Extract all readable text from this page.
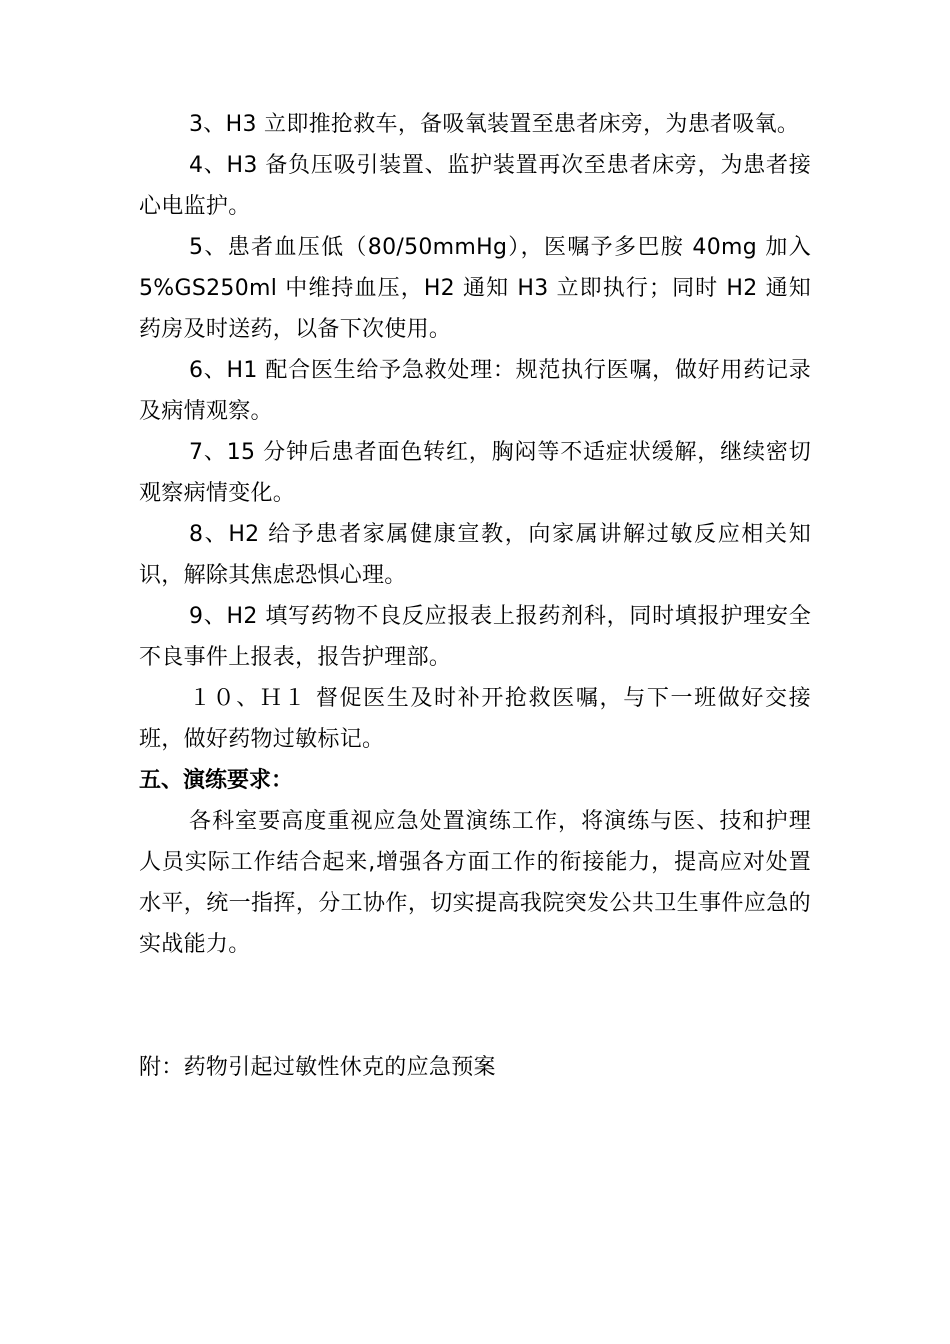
3、H3 立即推抢救车，备吸氧装置至患者床旁，为患者吸氧。

4、H3 备负压吸引装置、监护装置再次至患者床旁，为患者接心电监护。

5、患者血压低（80/50mmHg），医嘱予多巴胺 40mg 加入 5%GS250ml 中维持血压，H2 通知 H3 立即执行；同时 H2 通知药房及时送药，以备下次使用。

6、H1 配合医生给予急救处理：规范执行医嘱，做好用药记录及病情观察。

7、15 分钟后患者面色转红，胸闷等不适症状缓解，继续密切观察病情变化。

8、H2 给予患者家属健康宣教，向家属讲解过敏反应相关知识，解除其焦虑恐惧心理。

9、H2 填写药物不良反应报表上报药剂科，同时填报护理安全不良事件上报表，报告护理部。

１０、Ｈ１ 督促医生及时补开抢救医嘱，与下一班做好交接班，做好药物过敏标记。

五、演练要求：

各科室要高度重视应急处置演练工作，将演练与医、技和护理人员实际工作结合起来,增强各方面工作的衔接能力，提高应对处置水平，统一指挥，分工协作，切实提高我院突发公共卫生事件应急的实战能力。

附：药物引起过敏性休克的应急预案
